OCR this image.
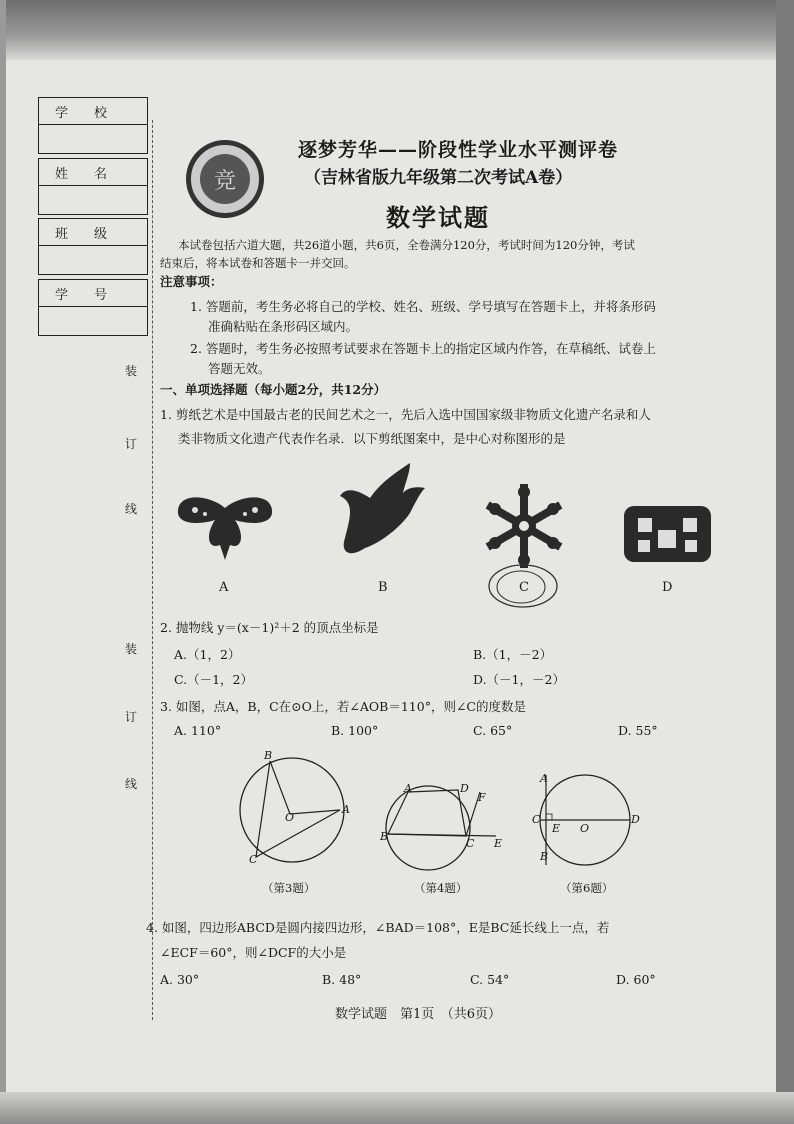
学　　校
姓　　名
班　　级
学　　号
装
订
线
装
订
线
竞
逐梦芳华——阶段性学业水平测评卷
（吉林省版九年级第二次考试A卷）
数学试题
本试卷包括六道大题，共26道小题，共6页，全卷满分120分，考试时间为120分钟，考试
结束后，将本试卷和答题卡一并交回。
注意事项：
1. 答题前，考生务必将自己的学校、姓名、班级、学号填写在答题卡上，并将条形码
准确粘贴在条形码区域内。
2. 答题时，考生务必按照考试要求在答题卡上的指定区域内作答，在草稿纸、试卷上
答题无效。
一、单项选择题（每小题2分，共12分）
1. 剪纸艺术是中国最古老的民间艺术之一，先后入选中国国家级非物质文化遗产名录和人
类非物质文化遗产代表作名录．以下剪纸图案中，是中心对称图形的是
A	B	C	D
2. 抛物线 y＝(x－1)²＋2 的顶点坐标是
A.（1，2）	B.（1，－2）
C.（－1，2）	D.（－1，－2）
3. 如图，点A，B，C在⊙O上，若∠AOB＝110°，则∠C的度数是
A. 110°	B. 100°	C. 65°	D. 55°
B
O
A
C
A	D
F
B
C E
A
C
E O
D
B
（第3题）	（第4题）	（第6题）
4. 如图，四边形ABCD是圆内接四边形，∠BAD＝108°，E是BC延长线上一点，若
∠ECF＝60°，则∠DCF的大小是
A. 30°	B. 48°	C. 54°	D. 60°
数学试题　第1页　（共6页）
